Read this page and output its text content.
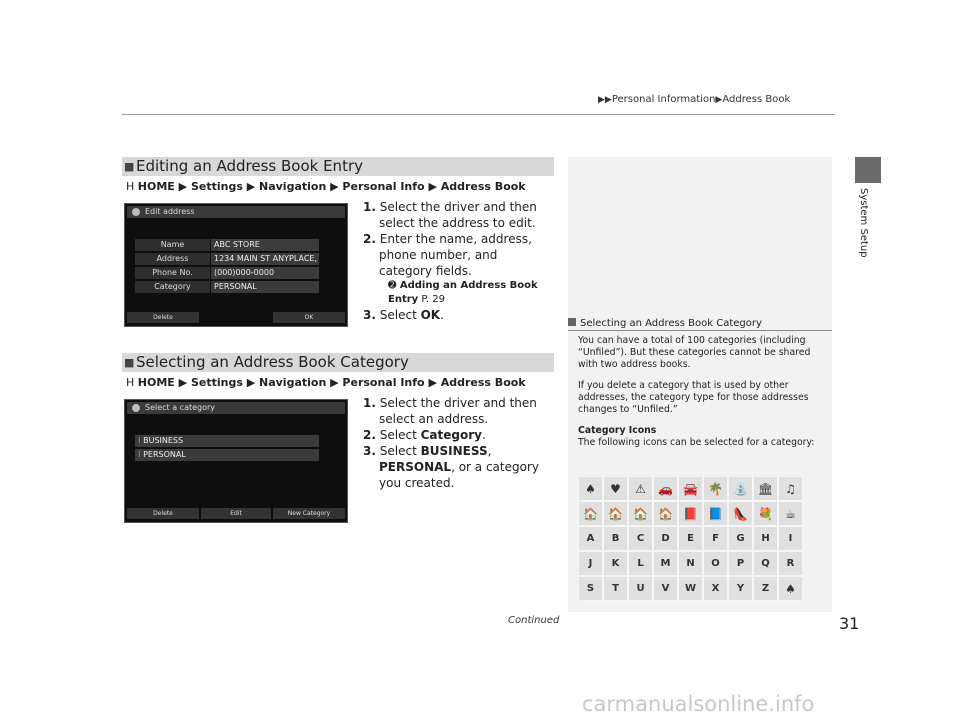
▶▶Personal Information▶Address Book
System Setup
Selecting an Address Book Category

You can have a total of 100 categories (including “Unfiled”). But these categories cannot be shared with two address books.

If you delete a category that is used by other addresses, the category type for those addresses changes to “Unfiled.”

Category Icons
The following icons can be selected for a category:
♠	♥	⚠	🚗 🚘 🌴 ⛲ 🏛	♫
🏠 🏠 🏠 🏠 📕 📘 👠 💐	☕
A	B	C	D	E	F	G	H	I
J	K	L	M	N	O	P	Q	R
S	T	U	V	W	X	Y	Z	♠
■ Editing an Address Book Entry
H HOME ▶ Settings ▶ Navigation ▶ Personal Info ▶ Address Book
Edit address
Name	ABC STORE
Address	1234 MAIN ST ANYPLACE,
Phone No.	(000)000-0000
Category	PERSONAL
Delete	OK
1. Select the driver and then select the address to edit.
2. Enter the name, address, phone number, and category fields.
➋ Adding an Address Book Entry P. 29
3. Select OK.
■ Selecting an Address Book Category
H HOME ▶ Settings ▶ Navigation ▶ Personal Info ▶ Address Book
Select a category
⁝ BUSINESS
⁝ PERSONAL
Delete	Edit	New Category
1. Select the driver and then select an address.
2. Select Category.
3. Select BUSINESS, PERSONAL, or a category you created.
Continued	31
carmanualsonline.info
